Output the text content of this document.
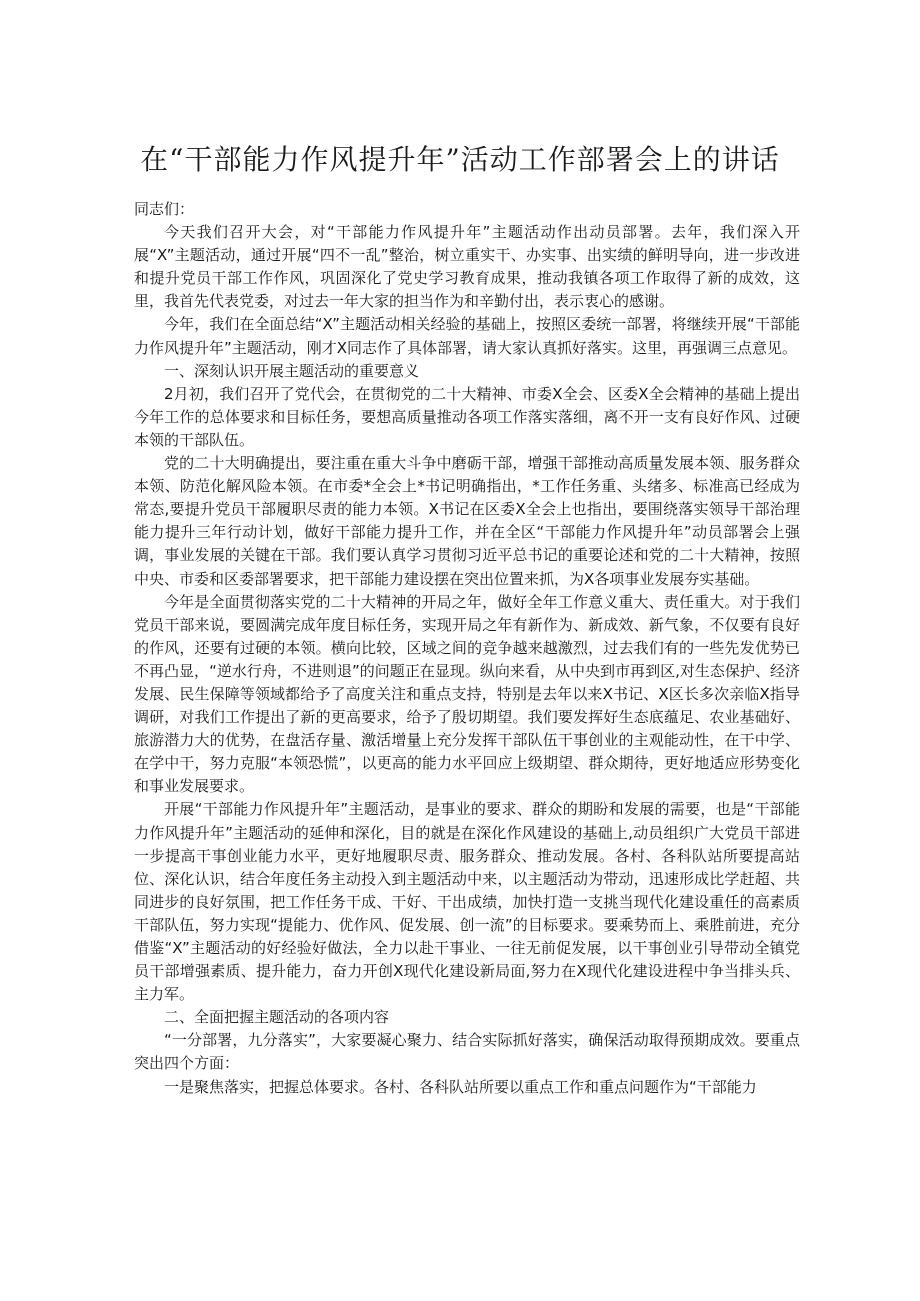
在“干部能力作风提升年”活动工作部署会上的讲话

同志们：

今天我们召开大会，对“干部能力作风提升年”主题活动作出动员部署。去年，我们深入开展“X”主题活动，通过开展“四不一乱”整治，树立重实干、办实事、出实绩的鲜明导向，进一步改进和提升党员干部工作作风，巩固深化了党史学习教育成果，推动我镇各项工作取得了新的成效，这里，我首先代表党委，对过去一年大家的担当作为和辛勤付出，表示衷心的感谢。

今年，我们在全面总结“X”主题活动相关经验的基础上，按照区委统一部署，将继续开展“干部能力作风提升年”主题活动，刚才X同志作了具体部署，请大家认真抓好落实。这里，再强调三点意见。

一、深刻认识开展主题活动的重要意义

2月初，我们召开了党代会，在贯彻党的二十大精神、市委X全会、区委X全会精神的基础上提出今年工作的总体要求和目标任务，要想高质量推动各项工作落实落细，离不开一支有良好作风、过硬本领的干部队伍。

党的二十大明确提出，要注重在重大斗争中磨砺干部，增强干部推动高质量发展本领、服务群众本领、防范化解风险本领。在市委*全会上*书记明确指出，*工作任务重、头绪多、标准高已经成为常态,要提升党员干部履职尽责的能力本领。X书记在区委X全会上也指出，要围绕落实领导干部治理能力提升三年行动计划，做好干部能力提升工作，并在全区“干部能力作风提升年”动员部署会上强调，事业发展的关键在干部。我们要认真学习贯彻习近平总书记的重要论述和党的二十大精神，按照中央、市委和区委部署要求，把干部能力建设摆在突出位置来抓，为X各项事业发展夯实基础。

今年是全面贯彻落实党的二十大精神的开局之年，做好全年工作意义重大、责任重大。对于我们党员干部来说，要圆满完成年度目标任务，实现开局之年有新作为、新成效、新气象，不仅要有良好的作风，还要有过硬的本领。横向比较，区域之间的竞争越来越激烈，过去我们有的一些先发优势已不再凸显，“逆水行舟，不进则退”的问题正在显现。纵向来看，从中央到市再到区,对生态保护、经济发展、民生保障等领域都给予了高度关注和重点支持，特别是去年以来X书记、X区长多次亲临X指导调研，对我们工作提出了新的更高要求，给予了殷切期望。我们要发挥好生态底蕴足、农业基础好、旅游潜力大的优势，在盘活存量、激活增量上充分发挥干部队伍干事创业的主观能动性，在干中学、在学中干，努力克服“本领恐慌”，以更高的能力水平回应上级期望、群众期待，更好地适应形势变化和事业发展要求。

开展“干部能力作风提升年”主题活动，是事业的要求、群众的期盼和发展的需要，也是“干部能力作风提升年”主题活动的延伸和深化，目的就是在深化作风建设的基础上,动员组织广大党员干部进一步提高干事创业能力水平，更好地履职尽责、服务群众、推动发展。各村、各科队站所要提高站位、深化认识，结合年度任务主动投入到主题活动中来，以主题活动为带动，迅速形成比学赶超、共同进步的良好氛围，把工作任务干成、干好、干出成绩，加快打造一支挑当现代化建设重任的高素质干部队伍，努力实现“提能力、优作风、促发展、创一流”的目标要求。要乘势而上、乘胜前进，充分借鉴“X”主题活动的好经验好做法，全力以赴干事业、一往无前促发展，以干事创业引导带动全镇党员干部增强素质、提升能力，奋力开创X现代化建设新局面,努力在X现代化建设进程中争当排头兵、主力军。

二、全面把握主题活动的各项内容

“一分部署，九分落实”，大家要凝心聚力、结合实际抓好落实，确保活动取得预期成效。要重点突出四个方面：

一是聚焦落实，把握总体要求。各村、各科队站所要以重点工作和重点问题作为“干部能力
